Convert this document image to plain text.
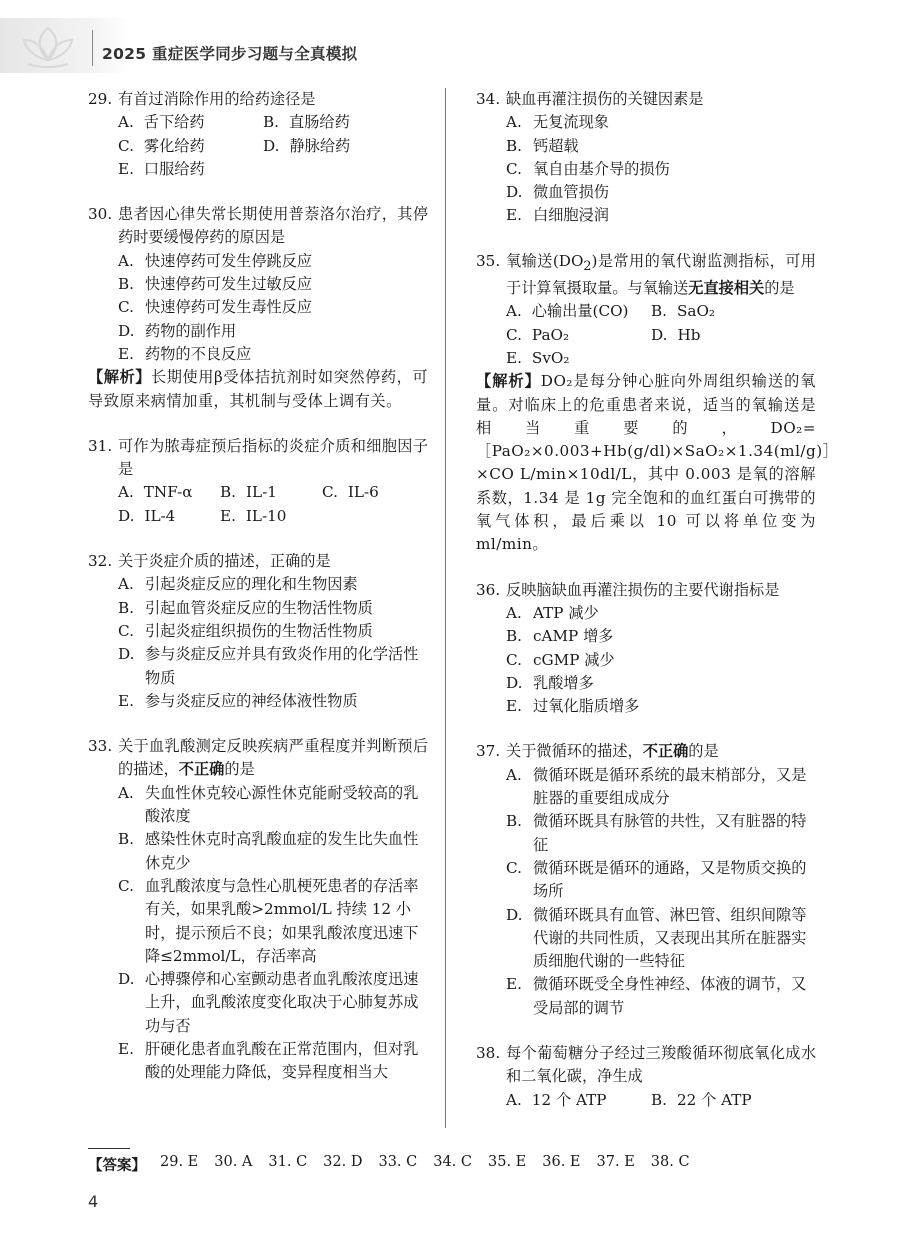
2025 重症医学同步习题与全真模拟
29. 有首过消除作用的给药途径是
A. 舌下给药	B. 直肠给药
C. 雾化给药	D. 静脉给药
E. 口服给药
30. 患者因心律失常长期使用普萘洛尔治疗，其停药时要缓慢停药的原因是
A. 快速停药可发生停跳反应
B. 快速停药可发生过敏反应
C. 快速停药可发生毒性反应
D. 药物的副作用
E. 药物的不良反应
【解析】长期使用β受体拮抗剂时如突然停药，可导致原来病情加重，其机制与受体上调有关。
31. 可作为脓毒症预后指标的炎症介质和细胞因子是
A. TNF-α B. IL-1	C. IL-6
D. IL-4	E. IL-10
32. 关于炎症介质的描述，正确的是
A. 引起炎症反应的理化和生物因素
B. 引起血管炎症反应的生物活性物质
C. 引起炎症组织损伤的生物活性物质
D. 参与炎症反应并具有致炎作用的化学活性物质
E. 参与炎症反应的神经体液性物质
33. 关于血乳酸测定反映疾病严重程度并判断预后的描述，不正确的是
A. 失血性休克较心源性休克能耐受较高的乳酸浓度
B. 感染性休克时高乳酸血症的发生比失血性休克少
C. 血乳酸浓度与急性心肌梗死患者的存活率有关，如果乳酸>2mmol/L 持续 12 小时，提示预后不良；如果乳酸浓度迅速下降≤2mmol/L，存活率高
D. 心搏骤停和心室颤动患者血乳酸浓度迅速上升，血乳酸浓度变化取决于心肺复苏成功与否
E. 肝硬化患者血乳酸在正常范围内，但对乳酸的处理能力降低，变异程度相当大
34. 缺血再灌注损伤的关键因素是
A. 无复流现象
B. 钙超载
C. 氧自由基介导的损伤
D. 微血管损伤
E. 白细胞浸润
35. 氧输送$(DO_2)$是常用的氧代谢监测指标，可用于计算氧摄取量。与氧输送无直接相关的是
A. 心输出量(CO) B. SaO₂
C. PaO₂	D. Hb
E. SvO₂
【解析】DO₂是每分钟心脏向外周组织输送的氧量。对临床上的危重患者来说，适当的氧输送是相当重要的，DO₂=［PaO₂×0.003+Hb(g/dl)×SaO₂×1.34(ml/g)］×CO L/min×10dl/L，其中 0.003 是氧的溶解系数，1.34 是 1g 完全饱和的血红蛋白可携带的氧气体积，最后乘以 10 可以将单位变为 ml/min。
36. 反映脑缺血再灌注损伤的主要代谢指标是
A. ATP 减少
B. cAMP 增多
C. cGMP 减少
D. 乳酸增多
E. 过氧化脂质增多
37. 关于微循环的描述，不正确的是
A. 微循环既是循环系统的最末梢部分，又是脏器的重要组成成分
B. 微循环既具有脉管的共性，又有脏器的特征
C. 微循环既是循环的通路，又是物质交换的场所
D. 微循环既具有血管、淋巴管、组织间隙等代谢的共同性质，又表现出其所在脏器实质细胞代谢的一些特征
E. 微循环既受全身性神经、体液的调节，又受局部的调节
38. 每个葡萄糖分子经过三羧酸循环彻底氧化成水和二氧化碳，净生成
A. 12 个 ATP	B. 22 个 ATP
【答案】 29. E 30. A 31. C 32. D 33. C 34. C 35. E 36. E 37. E 38. C
4
